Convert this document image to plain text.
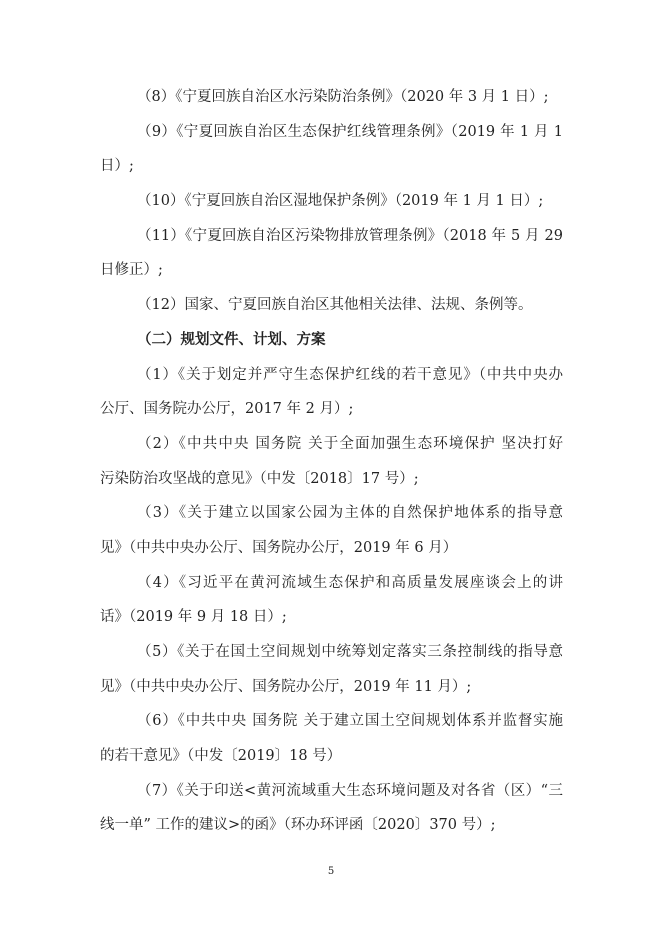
（8）《宁夏回族自治区水污染防治条例》（2020 年 3 月 1 日）;
（9）《宁夏回族自治区生态保护红线管理条例》（2019 年 1 月 1
日）;
（10）《宁夏回族自治区湿地保护条例》（2019 年 1 月 1 日）;
（11）《宁夏回族自治区污染物排放管理条例》（2018 年 5 月 29
日修正）;
（12）国家、宁夏回族自治区其他相关法律、法规、条例等。
（二）规划文件、计划、方案
（1）《关于划定并严守生态保护红线的若干意见》（中共中央办
公厅、国务院办公厅，2017 年 2 月）;
（2）《中共中央 国务院 关于全面加强生态环境保护 坚决打好
污染防治攻坚战的意见》（中发〔2018〕17 号）;
（3）《关于建立以国家公园为主体的自然保护地体系的指导意
见》（中共中央办公厅、国务院办公厅，2019 年 6 月）
（4）《习近平在黄河流域生态保护和高质量发展座谈会上的讲
话》（2019 年 9 月 18 日）;
（5）《关于在国土空间规划中统筹划定落实三条控制线的指导意
见》（中共中央办公厅、国务院办公厅，2019 年 11 月）;
（6）《中共中央 国务院 关于建立国土空间规划体系并监督实施
的若干意见》（中发〔2019〕18 号）
（7）《关于印送<黄河流域重大生态环境问题及对各省（区）“三
线一单” 工作的建议>的函》（环办环评函〔2020〕370 号）;
5
